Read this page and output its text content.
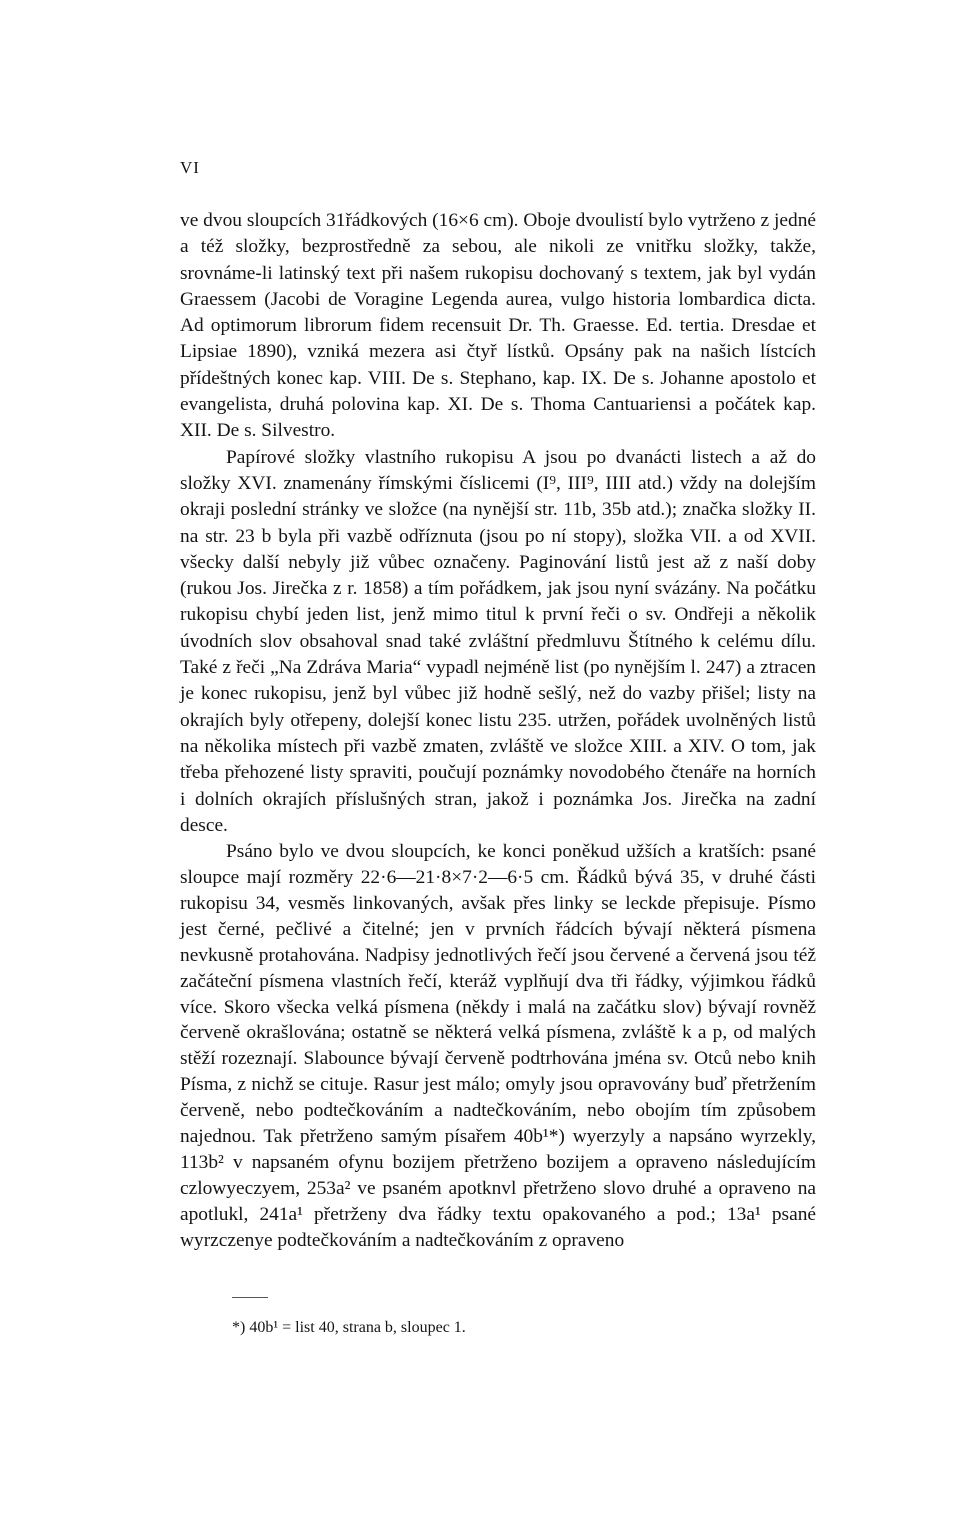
VI

ve dvou sloupcích 31řádkových (16×6 cm). Oboje dvoulistí bylo vytrženo z jedné a též složky, bezprostředně za sebou, ale nikoli ze vnitřku složky, takže, srovnáme-li latinský text při našem rukopisu dochovaný s textem, jak byl vydán Graessem (Jacobi de Voragine Legenda aurea, vulgo historia lombardica dicta. Ad optimorum librorum fidem recensuit Dr. Th. Graesse. Ed. tertia. Dresdae et Lipsiae 1890), vzniká mezera asi čtyř lístků. Opsány pak na našich lístcích přídeštných konec kap. VIII. De s. Stephano, kap. IX. De s. Johanne apostolo et evangelista, druhá polovina kap. XI. De s. Thoma Cantuariensi a počátek kap. XII. De s. Silvestro.

Papírové složky vlastního rukopisu A jsou po dvanácti listech a až do složky XVI. znamenány římskými číslicemi (I⁹, III⁹, IIII atd.) vždy na dolejším okraji poslední stránky ve složce (na nynější str. 11b, 35b atd.); značka složky II. na str. 23 b byla při vazbě odříznuta (jsou po ní stopy), složka VII. a od XVII. všecky další nebyly již vůbec označeny. Paginování listů jest až z naší doby (rukou Jos. Jirečka z r. 1858) a tím pořádkem, jak jsou nyní svázány. Na počátku rukopisu chybí jeden list, jenž mimo titul k první řeči o sv. Ondřeji a několik úvodních slov obsahoval snad také zvláštní předmluvu Štítného k celému dílu. Také z řeči „Na Zdráva Maria“ vypadl nejméně list (po nynějším l. 247) a ztracen je konec rukopisu, jenž byl vůbec již hodně sešlý, než do vazby přišel; listy na okrajích byly otřepeny, dolejší konec listu 235. utržen, pořádek uvolněných listů na několika místech při vazbě zmaten, zvláště ve složce XIII. a XIV. O tom, jak třeba přehozené listy spraviti, poučují poznámky novodobého čtenáře na horních i dolních okrajích příslušných stran, jakož i poznámka Jos. Jirečka na zadní desce.

Psáno bylo ve dvou sloupcích, ke konci poněkud užších a kratších: psané sloupce mají rozměry 22·6—21·8×7·2—6·5 cm. Řádků bývá 35, v druhé části rukopisu 34, vesměs linkovaných, avšak přes linky se leckde přepisuje. Písmo jest černé, pečlivé a čitelné; jen v prvních řádcích bývají některá písmena nevkusně protahována. Nadpisy jednotlivých řečí jsou červené a červená jsou též začáteční písmena vlastních řečí, kteráž vyplňují dva tři řádky, výjimkou řádků více. Skoro všecka velká písmena (někdy i malá na začátku slov) bývají rovněž červeně okrašlována; ostatně se některá velká písmena, zvláště k a p, od malých stěží rozeznají. Slabounce bývají červeně podtrhována jména sv. Otců nebo knih Písma, z nichž se cituje. Rasur jest málo; omyly jsou opravovány buď přetržením červeně, nebo podtečkováním a nadtečkováním, nebo obojím tím způsobem najednou. Tak přetrženo samým písařem 40b¹*) wyerzyly a napsáno wyrzekly, 113b² v napsaném ofynu bozijem přetrženo bozijem a opraveno následujícím czlowyeczyem, 253a² ve psaném apotknvl přetrženo slovo druhé a opraveno na apotlukl, 241a¹ přetrženy dva řádky textu opakovaného a pod.; 13a¹ psané wyrzczenye podtečkováním a nadtečkováním z opraveno

*) 40b¹ = list 40, strana b, sloupec 1.
